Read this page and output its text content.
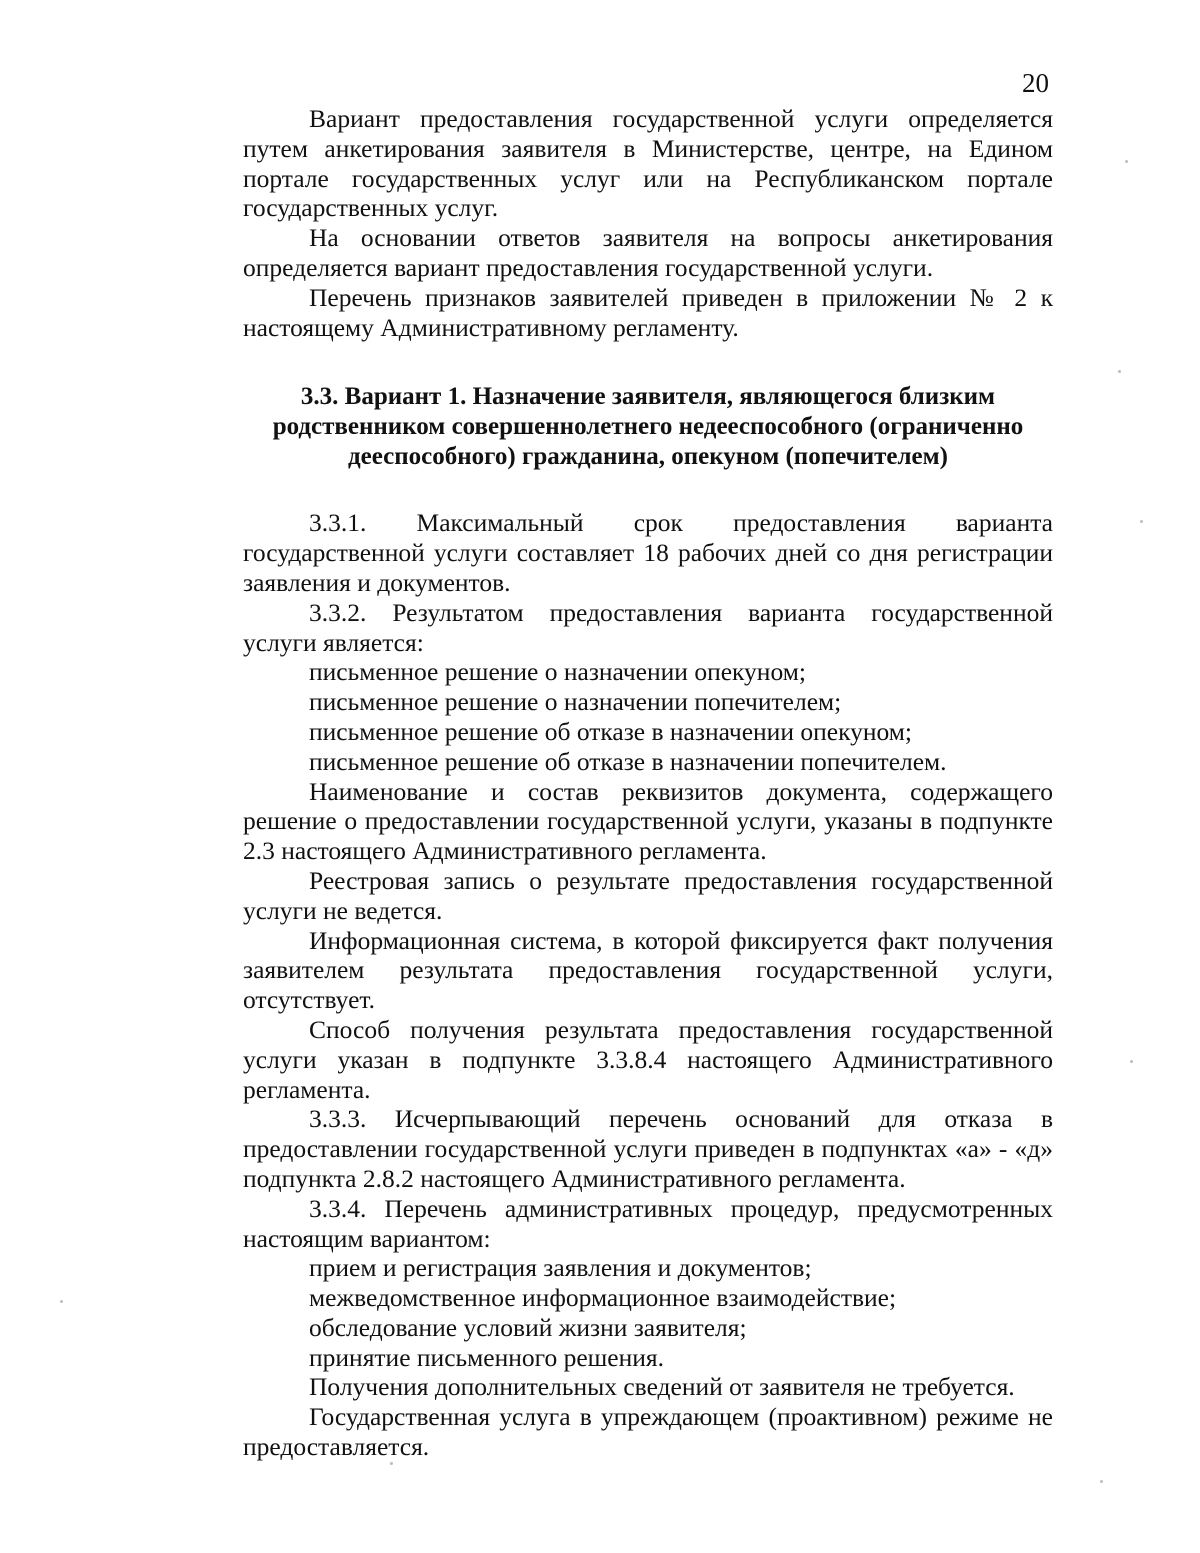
20

Вариант предоставления государственной услуги определяется путем анкетирования заявителя в Министерстве, центре, на Едином портале государственных услуг или на Республиканском портале государственных услуг.

На основании ответов заявителя на вопросы анкетирования определяется вариант предоставления государственной услуги.

Перечень признаков заявителей приведен в приложении № 2 к настоящему Административному регламенту.

3.3. Вариант 1. Назначение заявителя, являющегося близким
родственником совершеннолетнего недееспособного (ограниченно
дееспособного) гражданина, опекуном (попечителем)

3.3.1. Максимальный срок предоставления варианта государственной услуги составляет 18 рабочих дней со дня регистрации заявления и документов.

3.3.2. Результатом предоставления варианта государственной услуги является:

письменное решение о назначении опекуном;

письменное решение о назначении попечителем;

письменное решение об отказе в назначении опекуном;

письменное решение об отказе в назначении попечителем.

Наименование и состав реквизитов документа, содержащего решение о предоставлении государственной услуги, указаны в подпункте 2.3 настоящего Административного регламента.

Реестровая запись о результате предоставления государственной услуги не ведется.

Информационная система, в которой фиксируется факт получения заявителем результата предоставления государственной услуги, отсутствует.

Способ получения результата предоставления государственной услуги указан в подпункте 3.3.8.4 настоящего Административного регламента.

3.3.3. Исчерпывающий перечень оснований для отказа в предоставлении государственной услуги приведен в подпунктах «а» - «д» подпункта 2.8.2 настоящего Административного регламента.

3.3.4. Перечень административных процедур, предусмотренных настоящим вариантом:

прием и регистрация заявления и документов;

межведомственное информационное взаимодействие;

обследование условий жизни заявителя;

принятие письменного решения.

Получения дополнительных сведений от заявителя не требуется.

Государственная услуга в упреждающем (проактивном) режиме не предоставляется.
